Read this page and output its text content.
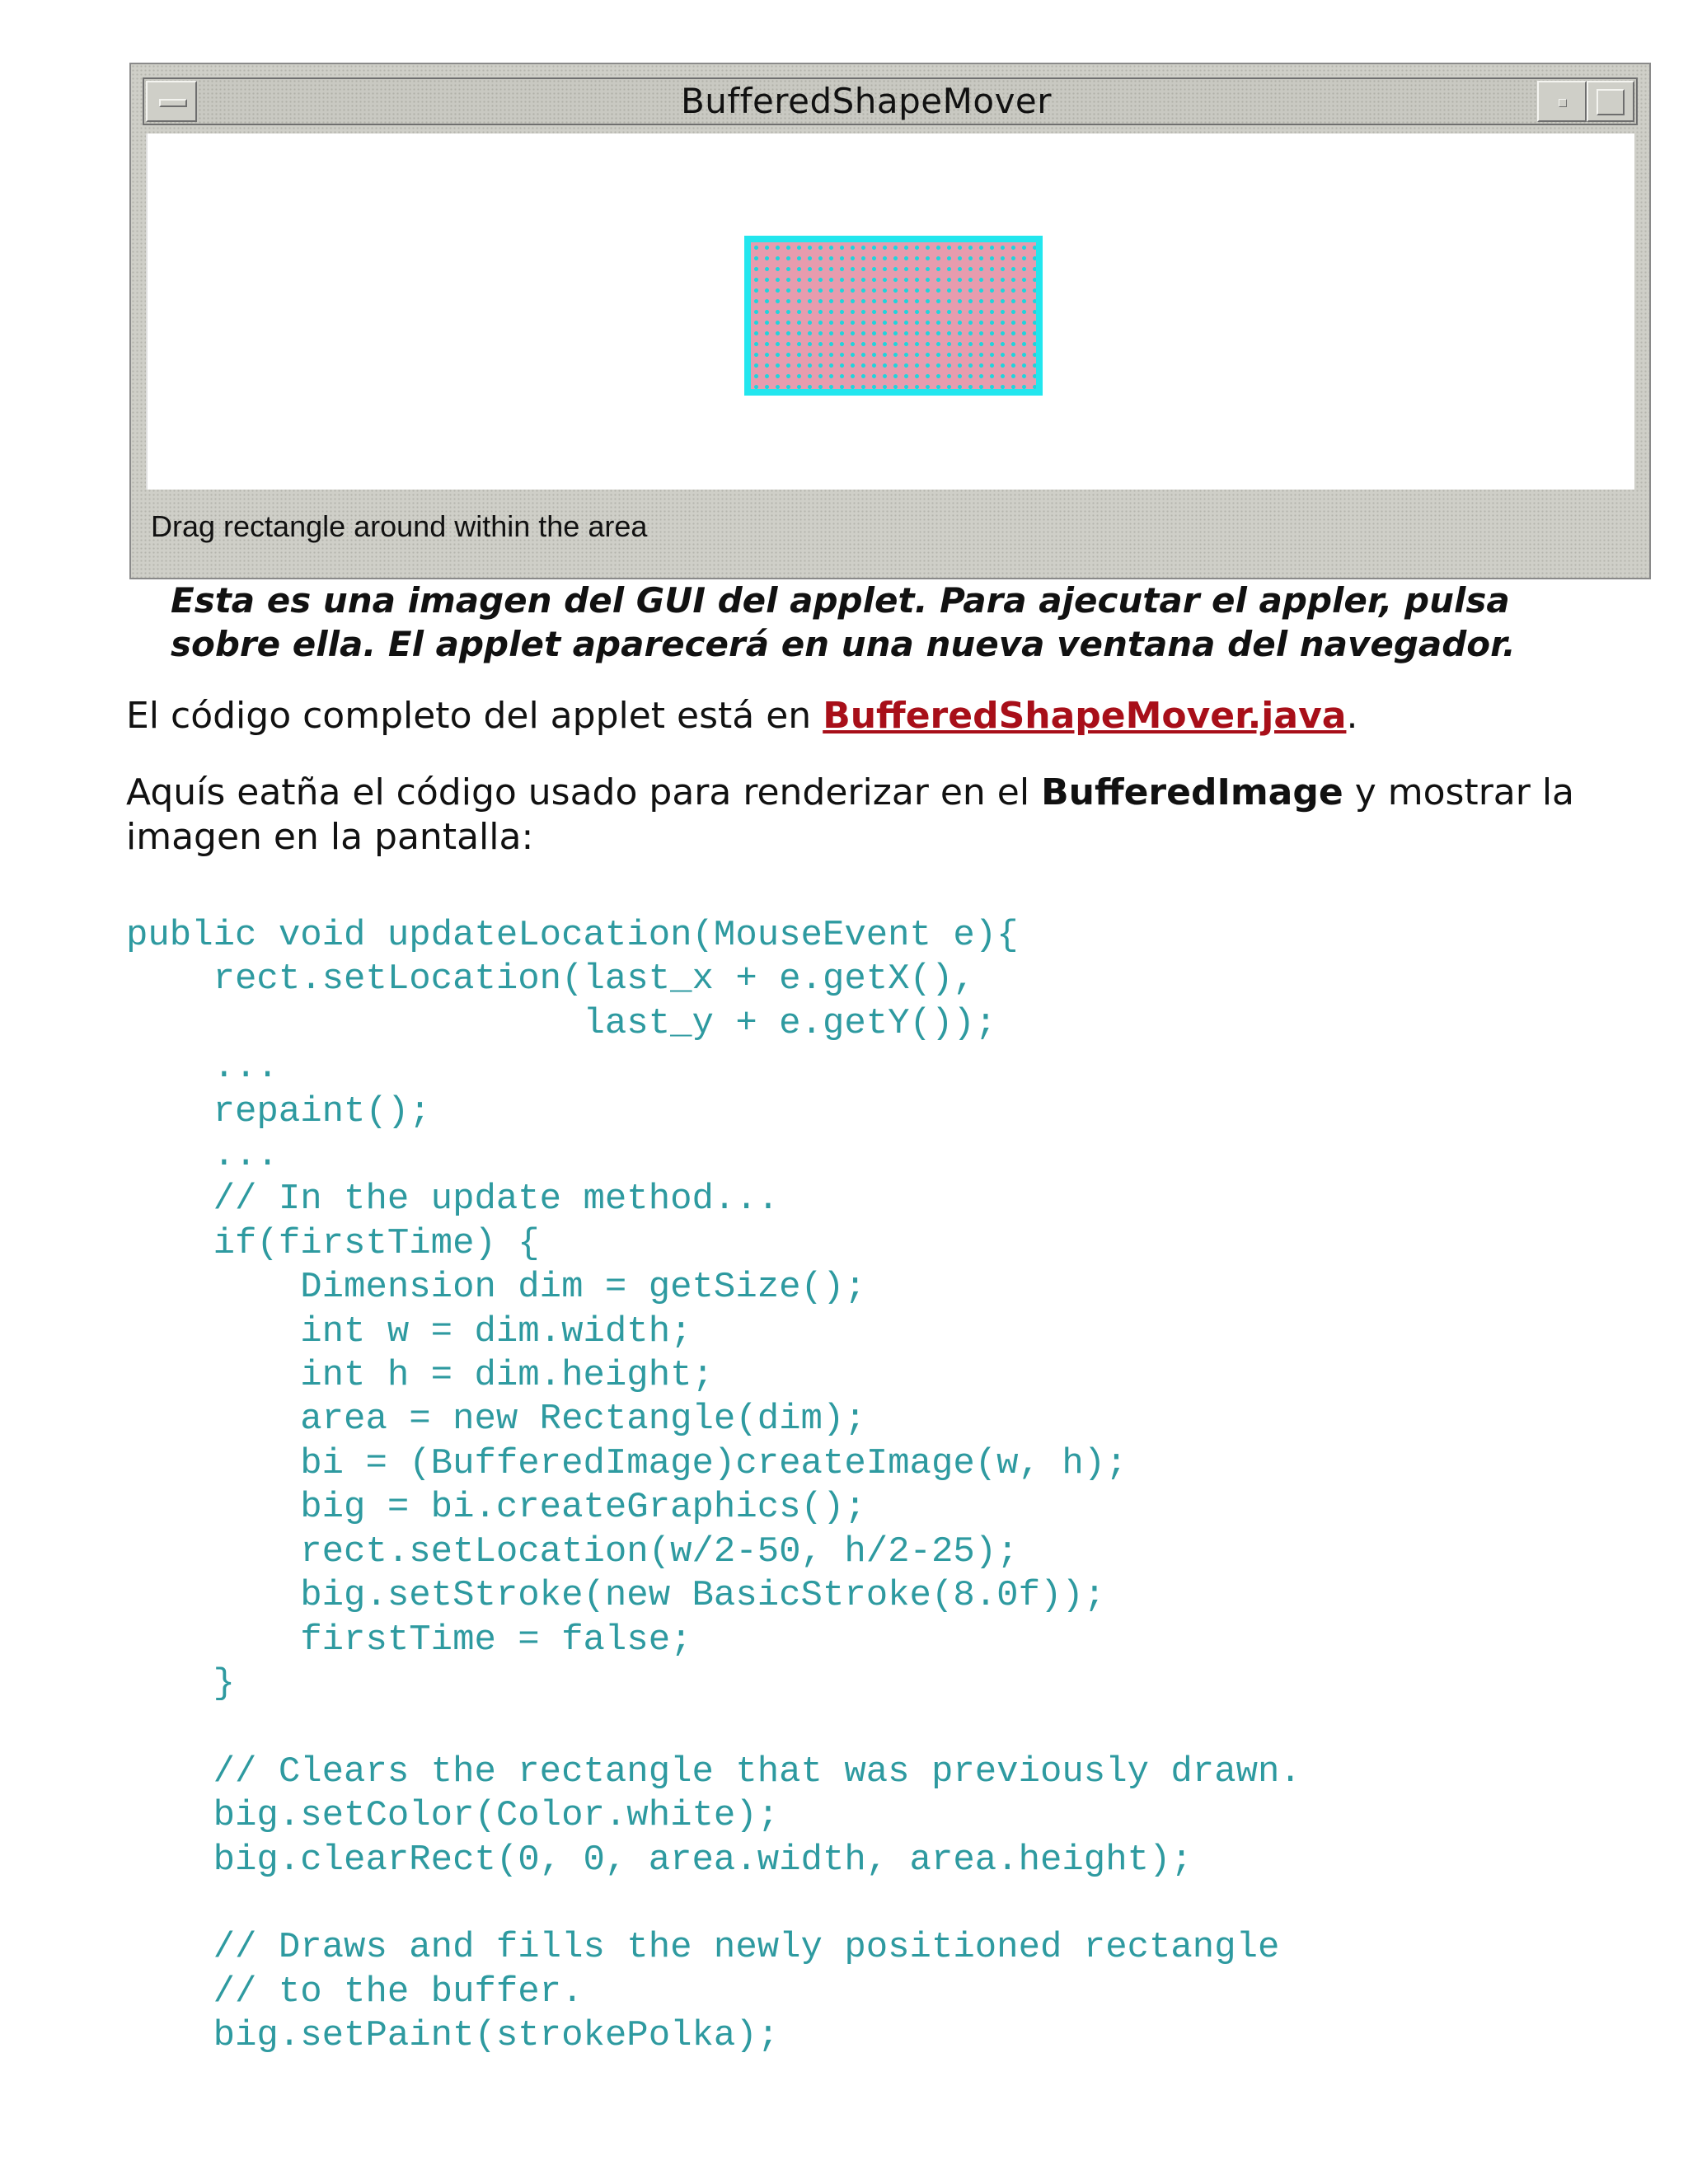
BufferedShapeMover
Drag rectangle around within the area
Esta es una imagen del GUI del applet. Para ajecutar el appler, pulsa
sobre ella. El applet aparecerá en una nueva ventana del navegador.
El código completo del applet está en BufferedShapeMover.java.
Aquís eatña el código usado para renderizar en el BufferedImage y mostrar la imagen en la pantalla:
public void updateLocation(MouseEvent e){
rect.setLocation(last_x + e.getX(),
last_y + e.getY());
...
repaint();
...
// In the update method...
if(firstTime) {
Dimension dim = getSize();
int w = dim.width;
int h = dim.height;
area = new Rectangle(dim);
bi = (BufferedImage)createImage(w, h);
big = bi.createGraphics();
rect.setLocation(w/2-50, h/2-25);
big.setStroke(new BasicStroke(8.0f));
firstTime = false;
}

// Clears the rectangle that was previously drawn.
big.setColor(Color.white);
big.clearRect(0, 0, area.width, area.height);

// Draws and fills the newly positioned rectangle
// to the buffer.
big.setPaint(strokePolka);
